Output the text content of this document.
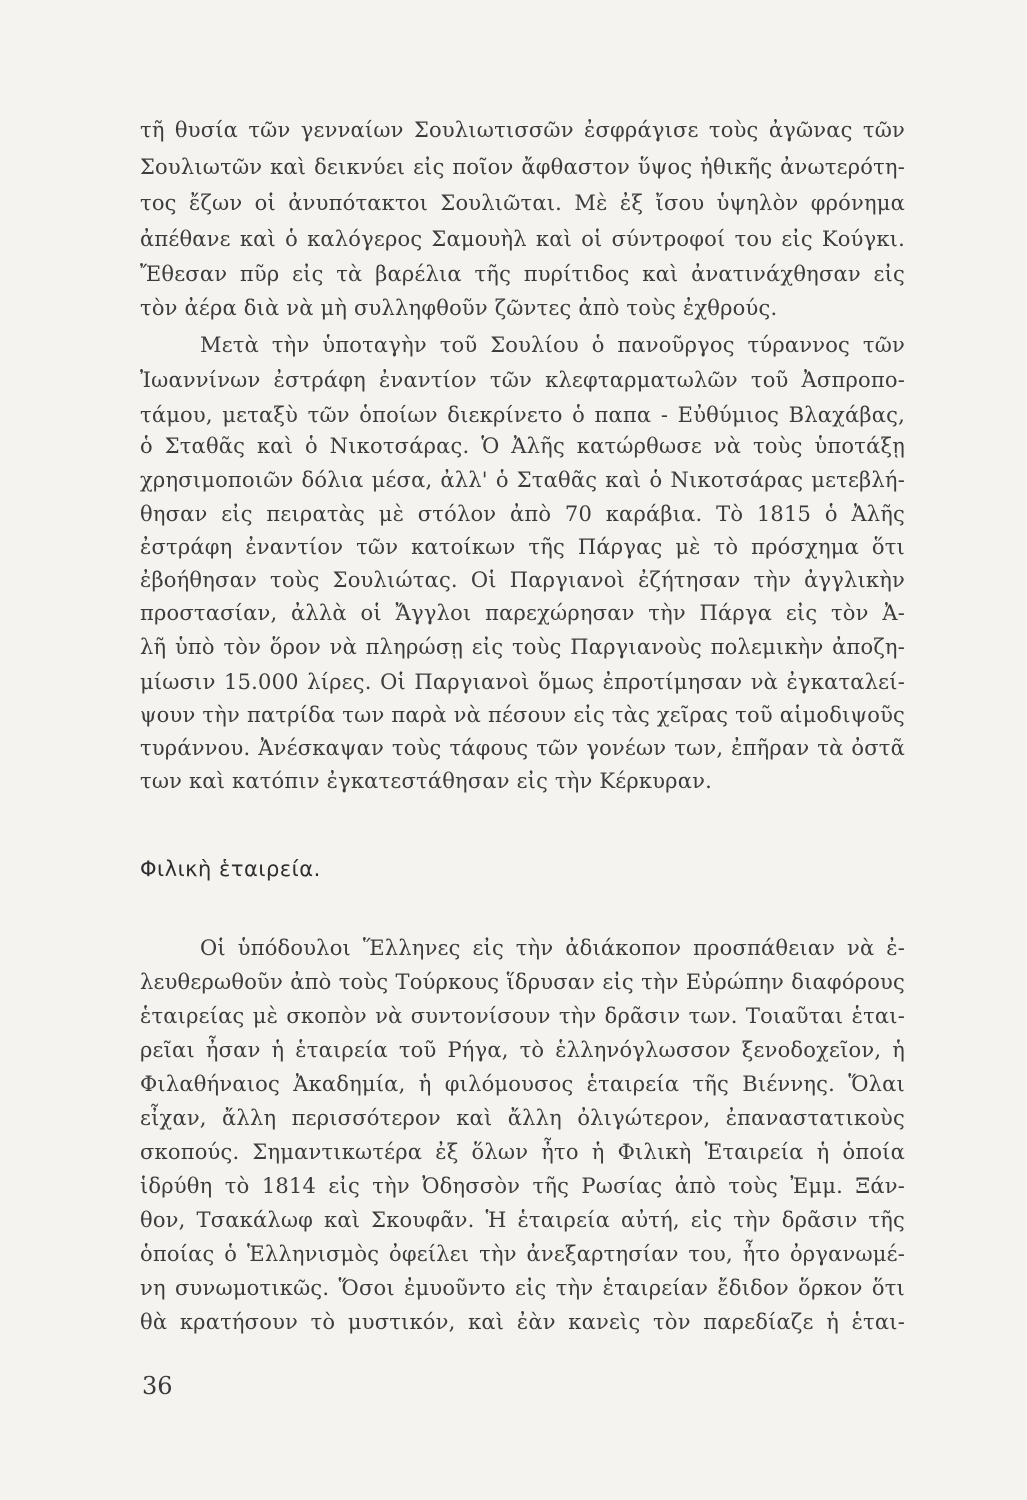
τῆ θυσία τῶν γενναίων Σουλιωτισσῶν ἐσφράγισε τοὺς ἀγῶνας τῶν
Σουλιωτῶν καὶ δεικνύει εἰς ποῖον ἄφθαστον ὕψος ἠθικῆς ἀνωτερότη-
τος ἔζων οἱ ἀνυπότακτοι Σουλιῶται. Μὲ ἐξ ἴσου ὑψηλὸν φρόνημα
ἀπέθανε καὶ ὁ καλόγερος Σαμουὴλ καὶ οἱ σύντροφοί του εἰς Κούγκι.
Ἔθεσαν πῦρ εἰς τὰ βαρέλια τῆς πυρίτιδος καὶ ἀνατινάχθησαν εἰς
τὸν ἀέρα διὰ νὰ μὴ συλληφθοῦν ζῶντες ἀπὸ τοὺς ἐχθρούς.
Μετὰ τὴν ὑποταγὴν τοῦ Σουλίου ὁ πανοῦργος τύραννος τῶν
Ἰωαννίνων ἐστράφη ἐναντίον τῶν κλεφταρματωλῶν τοῦ Ἀσπροπο-
τάμου, μεταξὺ τῶν ὁποίων διεκρίνετο ὁ παπα - Εὐθύμιος Βλαχάβας,
ὁ Σταθᾶς καὶ ὁ Νικοτσάρας. Ὁ Ἀλῆς κατώρθωσε νὰ τοὺς ὑποτάξῃ
χρησιμοποιῶν δόλια μέσα, ἀλλ' ὁ Σταθᾶς καὶ ὁ Νικοτσάρας μετεβλή-
θησαν εἰς πειρατὰς μὲ στόλον ἀπὸ 70 καράβια. Τὸ 1815 ὁ Ἀλῆς
ἐστράφη ἐναντίον τῶν κατοίκων τῆς Πάργας μὲ τὸ πρόσχημα ὅτι
ἐβοήθησαν τοὺς Σουλιώτας. Οἱ Παργιανοὶ ἐζήτησαν τὴν ἀγγλικὴν
προστασίαν, ἀλλὰ οἱ Ἄγγλοι παρεχώρησαν τὴν Πάργα εἰς τὸν Ἀ-
λῆ ὑπὸ τὸν ὅρον νὰ πληρώσῃ εἰς τοὺς Παργιανοὺς πολεμικὴν ἀποζη-
μίωσιν 15.000 λίρες. Οἱ Παργιανοὶ ὅμως ἐπροτίμησαν νὰ ἐγκαταλεί-
ψουν τὴν πατρίδα των παρὰ νὰ πέσουν εἰς τὰς χεῖρας τοῦ αἱμοδιψοῦς
τυράννου. Ἀνέσκαψαν τοὺς τάφους τῶν γονέων των, ἐπῆραν τὰ ὀστᾶ
των καὶ κατόπιν ἐγκατεστάθησαν εἰς τὴν Κέρκυραν.
Φιλικὴ ἑταιρεία.
Οἱ ὑπόδουλοι Ἕλληνες εἰς τὴν ἀδιάκοπον προσπάθειαν νὰ ἐ-
λευθερωθοῦν ἀπὸ τοὺς Τούρκους ἵδρυσαν εἰς τὴν Εὐρώπην διαφόρους
ἑταιρείας μὲ σκοπὸν νὰ συντονίσουν τὴν δρᾶσιν των. Τοιαῦται ἑται-
ρεῖαι ἦσαν ἡ ἑταιρεία τοῦ Ρήγα, τὸ ἑλληνόγλωσσον ξενοδοχεῖον, ἡ
Φιλαθήναιος Ἀκαδημία, ἡ φιλόμουσος ἑταιρεία τῆς Βιέννης. Ὅλαι
εἶχαν, ἄλλη περισσότερον καὶ ἄλλη ὀλιγώτερον, ἐπαναστατικοὺς
σκοπούς. Σημαντικωτέρα ἐξ ὅλων ἦτο ἡ Φιλικὴ Ἑταιρεία ἡ ὁποία
ἱδρύθη τὸ 1814 εἰς τὴν Ὀδησσὸν τῆς Ρωσίας ἀπὸ τοὺς Ἐμμ. Ξάν-
θον, Τσακάλωφ καὶ Σκουφᾶν. Ἡ ἑταιρεία αὐτή, εἰς τὴν δρᾶσιν τῆς
ὁποίας ὁ Ἑλληνισμὸς ὀφείλει τὴν ἀνεξαρτησίαν του, ἦτο ὀργανωμέ-
νη συνωμοτικῶς. Ὅσοι ἐμυοῦντο εἰς τὴν ἑταιρείαν ἔδιδον ὅρκον ὅτι
θὰ κρατήσουν τὸ μυστικόν, καὶ ἐὰν κανεὶς τὸν παρεδίαζε ἡ ἑται-
36
